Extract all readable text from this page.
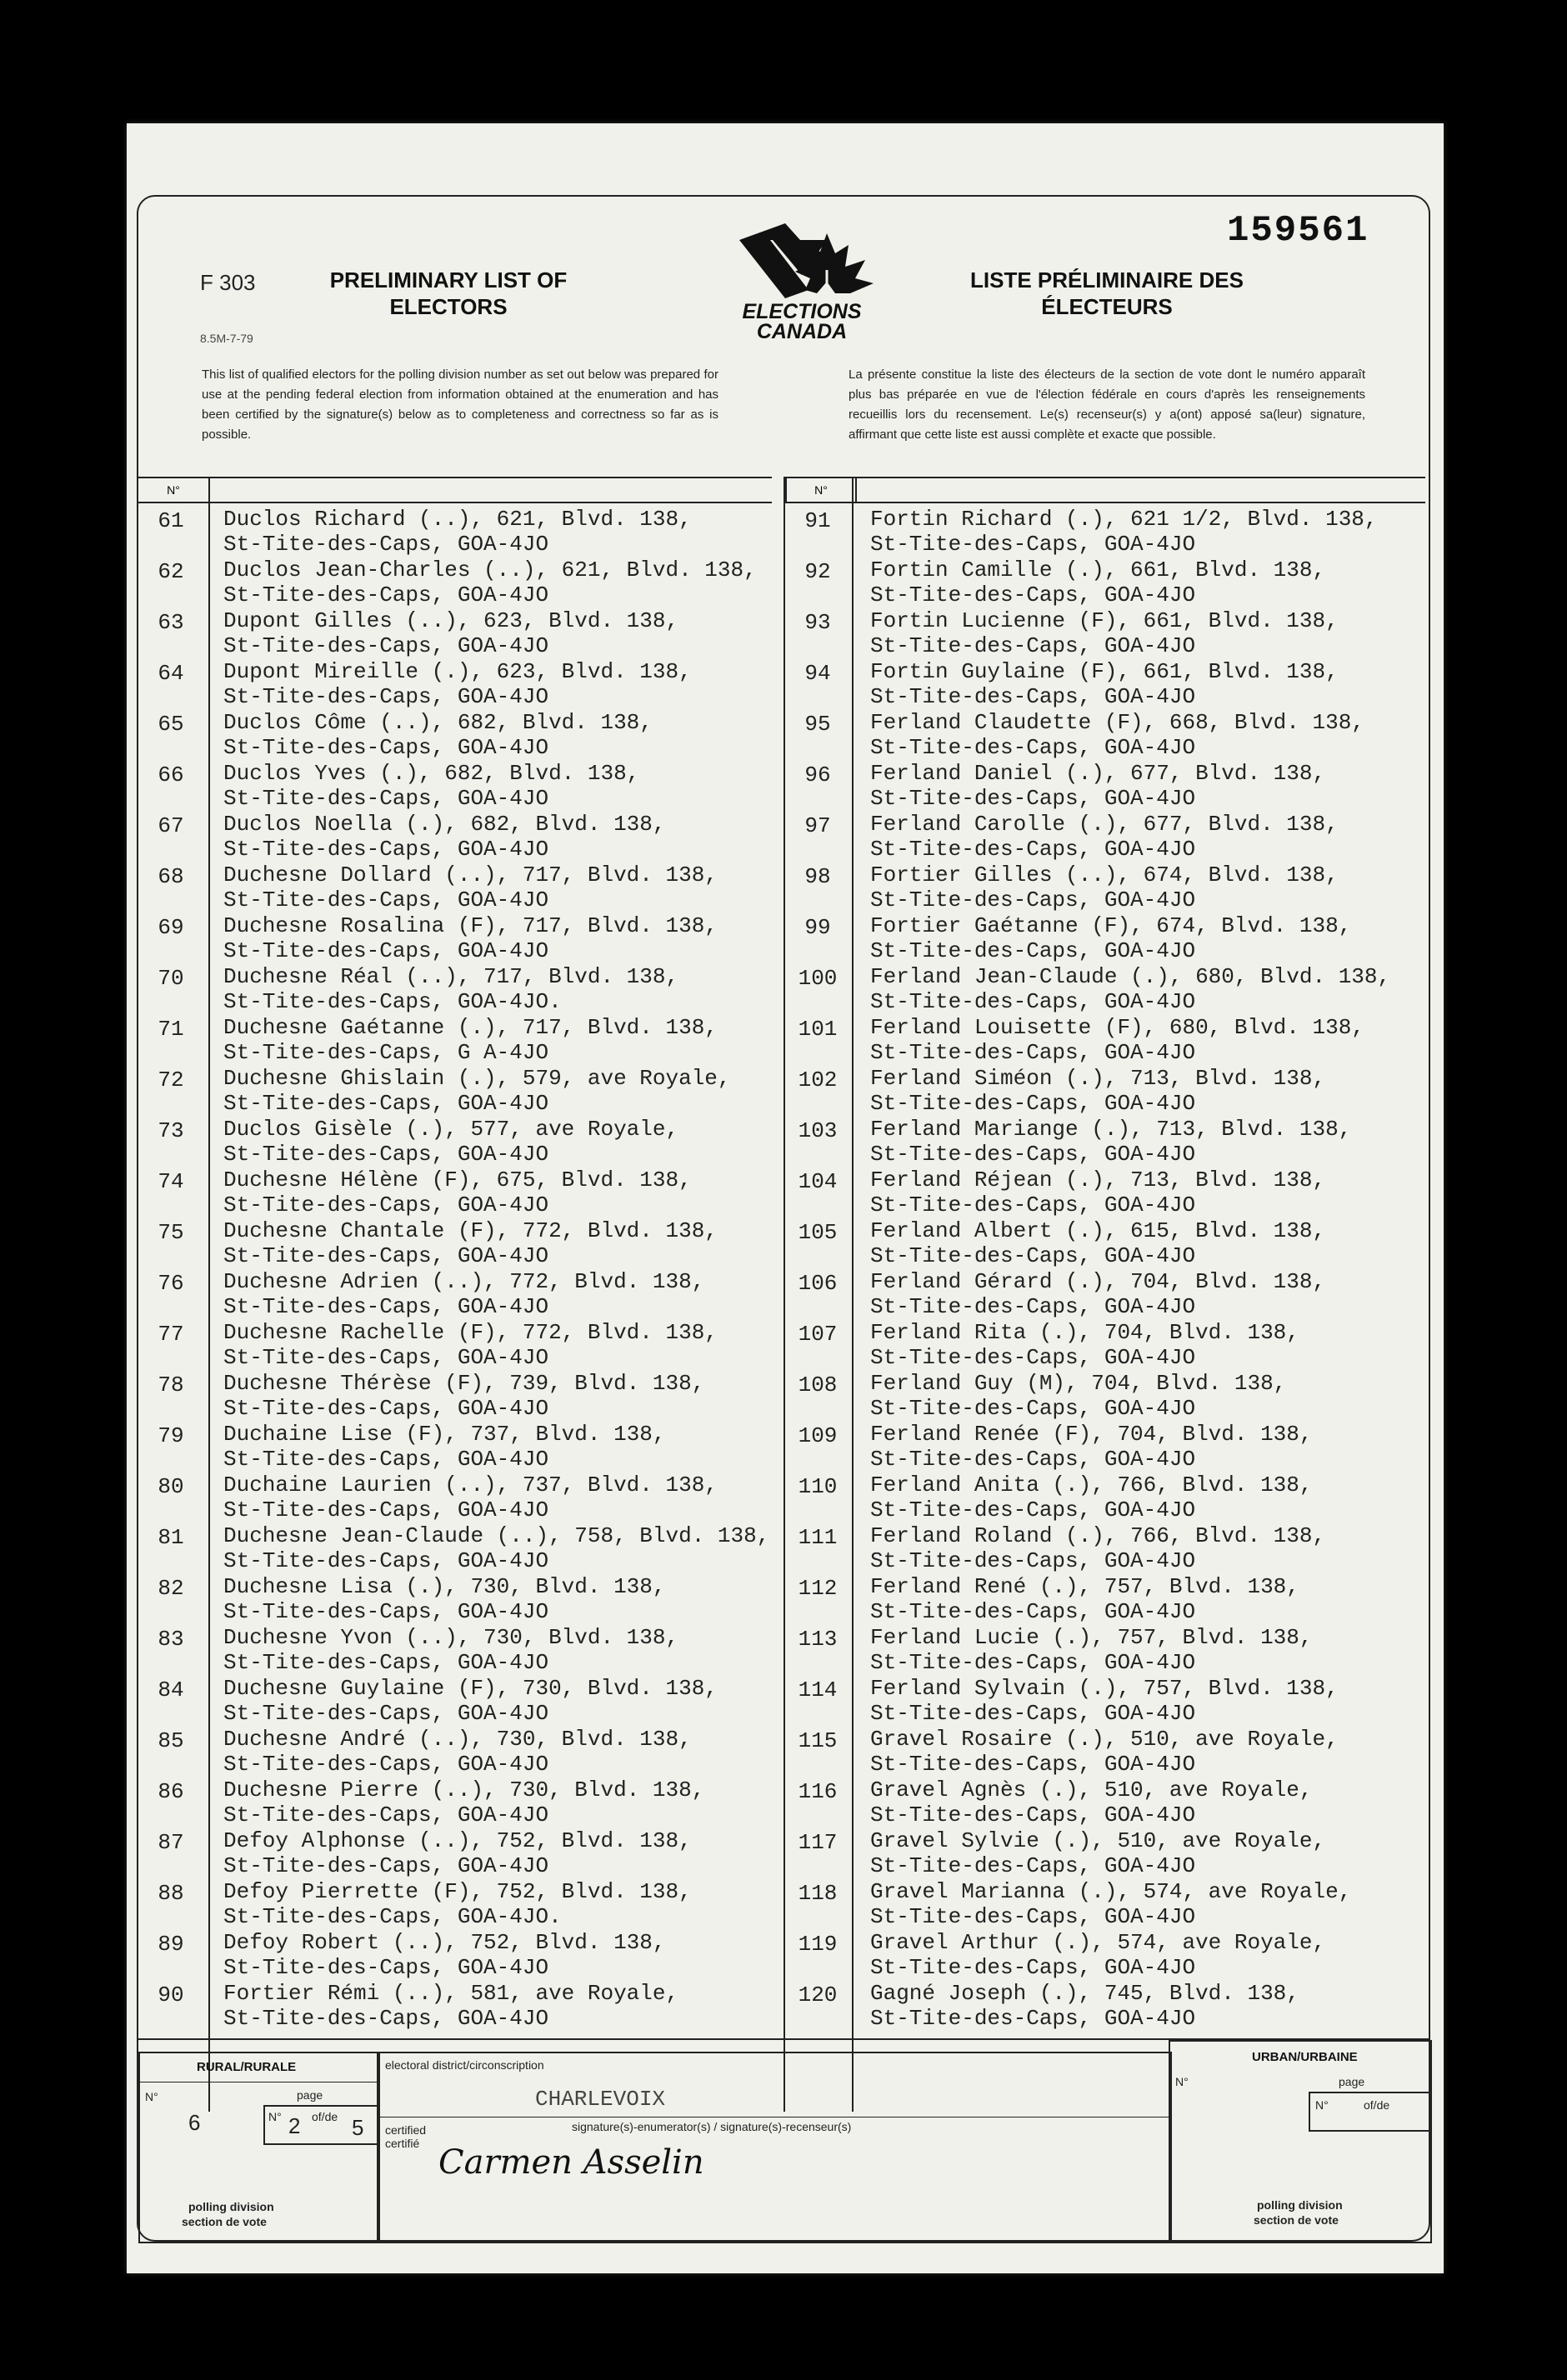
159561
F 303
8.5M-7-79
PRELIMINARY LIST OF
ELECTORS	ELECTIONS
CANADA
LISTE PRÉLIMINAIRE DES
ÉLECTEURS
This list of qualified electors for the polling division number as set out below was prepared for use at the pending federal election from information obtained at the enumeration and has been certified by the signature(s) below as to completeness and correctness so far as is possible.
La présente constitue la liste des électeurs de la section de vote dont le numéro apparaît plus bas préparée en vue de l'élection fédérale en cours d'après les renseignements recueillis lors du recensement. Le(s) recenseur(s) y a(ont) apposé sa(leur) signature, affirmant que cette liste est aussi complète et exacte que possible.
N°	N°
61	Duclos Richard (..), 621, Blvd. 138,
St-Tite-des-Caps, GOA-4JO
62	Duclos Jean-Charles (..), 621, Blvd. 138,
St-Tite-des-Caps, GOA-4JO
63	Dupont Gilles (..), 623, Blvd. 138,
St-Tite-des-Caps, GOA-4JO
64	Dupont Mireille (.), 623, Blvd. 138,
St-Tite-des-Caps, GOA-4JO
65	Duclos Côme (..), 682, Blvd. 138,
St-Tite-des-Caps, GOA-4JO
66	Duclos Yves (.), 682, Blvd. 138,
St-Tite-des-Caps, GOA-4JO
67	Duclos Noella (.), 682, Blvd. 138,
St-Tite-des-Caps, GOA-4JO
68	Duchesne Dollard (..), 717, Blvd. 138,
St-Tite-des-Caps, GOA-4JO
69	Duchesne Rosalina (F), 717, Blvd. 138,
St-Tite-des-Caps, GOA-4JO
70	Duchesne Réal (..), 717, Blvd. 138,
St-Tite-des-Caps, GOA-4JO.
71	Duchesne Gaétanne (.), 717, Blvd. 138,
St-Tite-des-Caps, G A-4JO
72	Duchesne Ghislain (.), 579, ave Royale,
St-Tite-des-Caps, GOA-4JO
73	Duclos Gisèle (.), 577, ave Royale,
St-Tite-des-Caps, GOA-4JO
74	Duchesne Hélène (F), 675, Blvd. 138,
St-Tite-des-Caps, GOA-4JO
75	Duchesne Chantale (F), 772, Blvd. 138,
St-Tite-des-Caps, GOA-4JO
76	Duchesne Adrien (..), 772, Blvd. 138,
St-Tite-des-Caps, GOA-4JO
77	Duchesne Rachelle (F), 772, Blvd. 138,
St-Tite-des-Caps, GOA-4JO
78	Duchesne Thérèse (F), 739, Blvd. 138,
St-Tite-des-Caps, GOA-4JO
79	Duchaine Lise (F), 737, Blvd. 138,
St-Tite-des-Caps, GOA-4JO
80	Duchaine Laurien (..), 737, Blvd. 138,
St-Tite-des-Caps, GOA-4JO
81	Duchesne Jean-Claude (..), 758, Blvd. 138,
St-Tite-des-Caps, GOA-4JO
82	Duchesne Lisa (.), 730, Blvd. 138,
St-Tite-des-Caps, GOA-4JO
83	Duchesne Yvon (..), 730, Blvd. 138,
St-Tite-des-Caps, GOA-4JO
84	Duchesne Guylaine (F), 730, Blvd. 138,
St-Tite-des-Caps, GOA-4JO
85	Duchesne André (..), 730, Blvd. 138,
St-Tite-des-Caps, GOA-4JO
86	Duchesne Pierre (..), 730, Blvd. 138,
St-Tite-des-Caps, GOA-4JO
87	Defoy Alphonse (..), 752, Blvd. 138,
St-Tite-des-Caps, GOA-4JO
88	Defoy Pierrette (F), 752, Blvd. 138,
St-Tite-des-Caps, GOA-4JO.
89	Defoy Robert (..), 752, Blvd. 138,
St-Tite-des-Caps, GOA-4JO
90	Fortier Rémi (..), 581, ave Royale,
St-Tite-des-Caps, GOA-4JO
91	Fortin Richard (.), 621 1/2, Blvd. 138,
St-Tite-des-Caps, GOA-4JO
92	Fortin Camille (.), 661, Blvd. 138,
St-Tite-des-Caps, GOA-4JO
93	Fortin Lucienne (F), 661, Blvd. 138,
St-Tite-des-Caps, GOA-4JO
94	Fortin Guylaine (F), 661, Blvd. 138,
St-Tite-des-Caps, GOA-4JO
95	Ferland Claudette (F), 668, Blvd. 138,
St-Tite-des-Caps, GOA-4JO
96	Ferland Daniel (.), 677, Blvd. 138,
St-Tite-des-Caps, GOA-4JO
97	Ferland Carolle (.), 677, Blvd. 138,
St-Tite-des-Caps, GOA-4JO
98	Fortier Gilles (..), 674, Blvd. 138,
St-Tite-des-Caps, GOA-4JO
99	Fortier Gaétanne (F), 674, Blvd. 138,
St-Tite-des-Caps, GOA-4JO
100	Ferland Jean-Claude (.), 680, Blvd. 138,
St-Tite-des-Caps, GOA-4JO
101	Ferland Louisette (F), 680, Blvd. 138,
St-Tite-des-Caps, GOA-4JO
102	Ferland Siméon (.), 713, Blvd. 138,
St-Tite-des-Caps, GOA-4JO
103	Ferland Mariange (.), 713, Blvd. 138,
St-Tite-des-Caps, GOA-4JO
104	Ferland Réjean (.), 713, Blvd. 138,
St-Tite-des-Caps, GOA-4JO
105	Ferland Albert (.), 615, Blvd. 138,
St-Tite-des-Caps, GOA-4JO
106	Ferland Gérard (.), 704, Blvd. 138,
St-Tite-des-Caps, GOA-4JO
107	Ferland Rita (.), 704, Blvd. 138,
St-Tite-des-Caps, GOA-4JO
108	Ferland Guy (M), 704, Blvd. 138,
St-Tite-des-Caps, GOA-4JO
109	Ferland Renée (F), 704, Blvd. 138,
St-Tite-des-Caps, GOA-4JO
110	Ferland Anita (.), 766, Blvd. 138,
St-Tite-des-Caps, GOA-4JO
111	Ferland Roland (.), 766, Blvd. 138,
St-Tite-des-Caps, GOA-4JO
112	Ferland René (.), 757, Blvd. 138,
St-Tite-des-Caps, GOA-4JO
113	Ferland Lucie (.), 757, Blvd. 138,
St-Tite-des-Caps, GOA-4JO
114	Ferland Sylvain (.), 757, Blvd. 138,
St-Tite-des-Caps, GOA-4JO
115	Gravel Rosaire (.), 510, ave Royale,
St-Tite-des-Caps, GOA-4JO
116	Gravel Agnès (.), 510, ave Royale,
St-Tite-des-Caps, GOA-4JO
117	Gravel Sylvie (.), 510, ave Royale,
St-Tite-des-Caps, GOA-4JO
118	Gravel Marianna (.), 574, ave Royale,
St-Tite-des-Caps, GOA-4JO
119	Gravel Arthur (.), 574, ave Royale,
St-Tite-des-Caps, GOA-4JO
120	Gagné Joseph (.), 745, Blvd. 138,
St-Tite-des-Caps, GOA-4JO
RURAL/RURALE
N°
6
page
N° 2 of/de 5
polling division
section de vote
electoral district/circonscription
CHARLEVOIX
signature(s)-enumerator(s) / signature(s)-recenseur(s)
certified certifié Carmen Asselin
URBAN/URBAINE
N°	page
N°	of/de
polling division
section de vote
